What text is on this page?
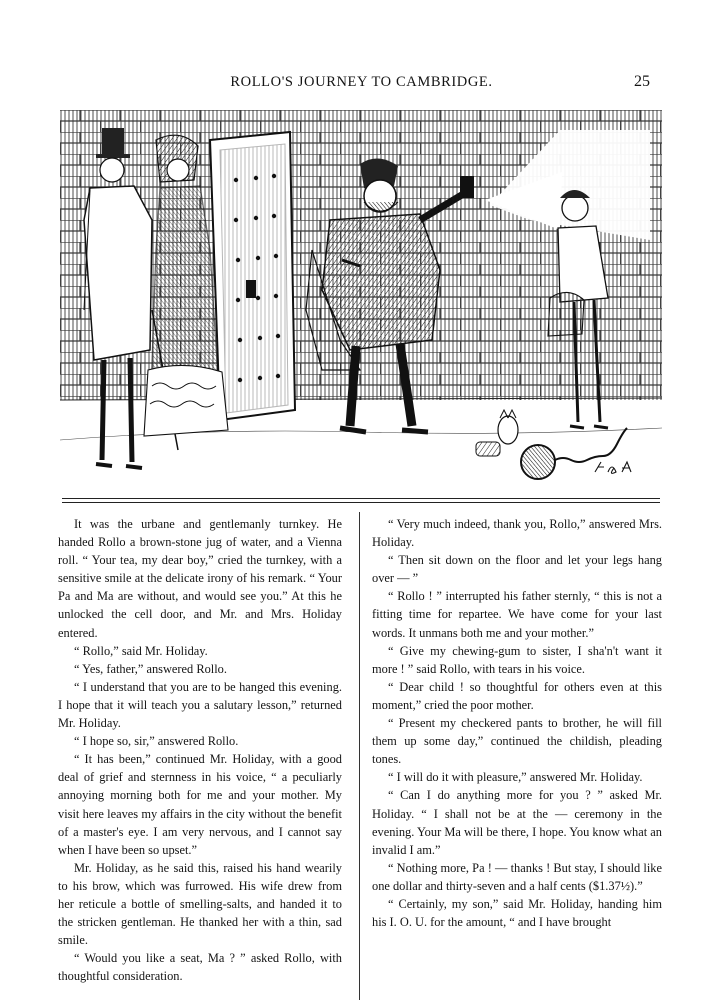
ROLLO'S JOURNEY TO CAMBRIDGE.	25

It was the urbane and gentlemanly turnkey. He handed Rollo a brown-stone jug of water, and a Vienna roll. “ Your tea, my dear boy,” cried the turnkey, with a sensitive smile at the delicate irony of his remark. “ Your Pa and Ma are without, and would see you.” At this he unlocked the cell door, and Mr. and Mrs. Holiday entered.

“ Rollo,” said Mr. Holiday.

“ Yes, father,” answered Rollo.

“ I understand that you are to be hanged this evening. I hope that it will teach you a salutary lesson,” returned Mr. Holiday.

“ I hope so, sir,” answered Rollo.

“ It has been,” continued Mr. Holiday, with a good deal of grief and sternness in his voice, “ a peculiarly annoying morning both for me and your mother. My visit here leaves my affairs in the city without the benefit of a master's eye. I am very nervous, and I cannot say when I have been so upset.”

Mr. Holiday, as he said this, raised his hand wearily to his brow, which was furrowed. His wife drew from her reticule a bottle of smelling-salts, and handed it to the stricken gentleman. He thanked her with a thin, sad smile.

“ Would you like a seat, Ma ? ” asked Rollo, with thoughtful consideration.

“ Very much indeed, thank you, Rollo,” answered Mrs. Holiday.

“ Then sit down on the floor and let your legs hang over — ”

“ Rollo ! ” interrupted his father sternly, “ this is not a fitting time for repartee. We have come for your last words. It unmans both me and your mother.”

“ Give my chewing-gum to sister, I sha'n't want it more ! ” said Rollo, with tears in his voice.

“ Dear child ! so thoughtful for others even at this moment,” cried the poor mother.

“ Present my checkered pants to brother, he will fill them up some day,” continued the childish, pleading tones.

“ I will do it with pleasure,” answered Mr. Holiday.

“ Can I do anything more for you ? ” asked Mr. Holiday. “ I shall not be at the — ceremony in the evening. Your Ma will be there, I hope. You know what an invalid I am.”

“ Nothing more, Pa ! — thanks ! But stay, I should like one dollar and thirty-seven and a half cents ($1.37½).”

“ Certainly, my son,” said Mr. Holiday, handing him his I. O. U. for the amount, “ and I have brought
